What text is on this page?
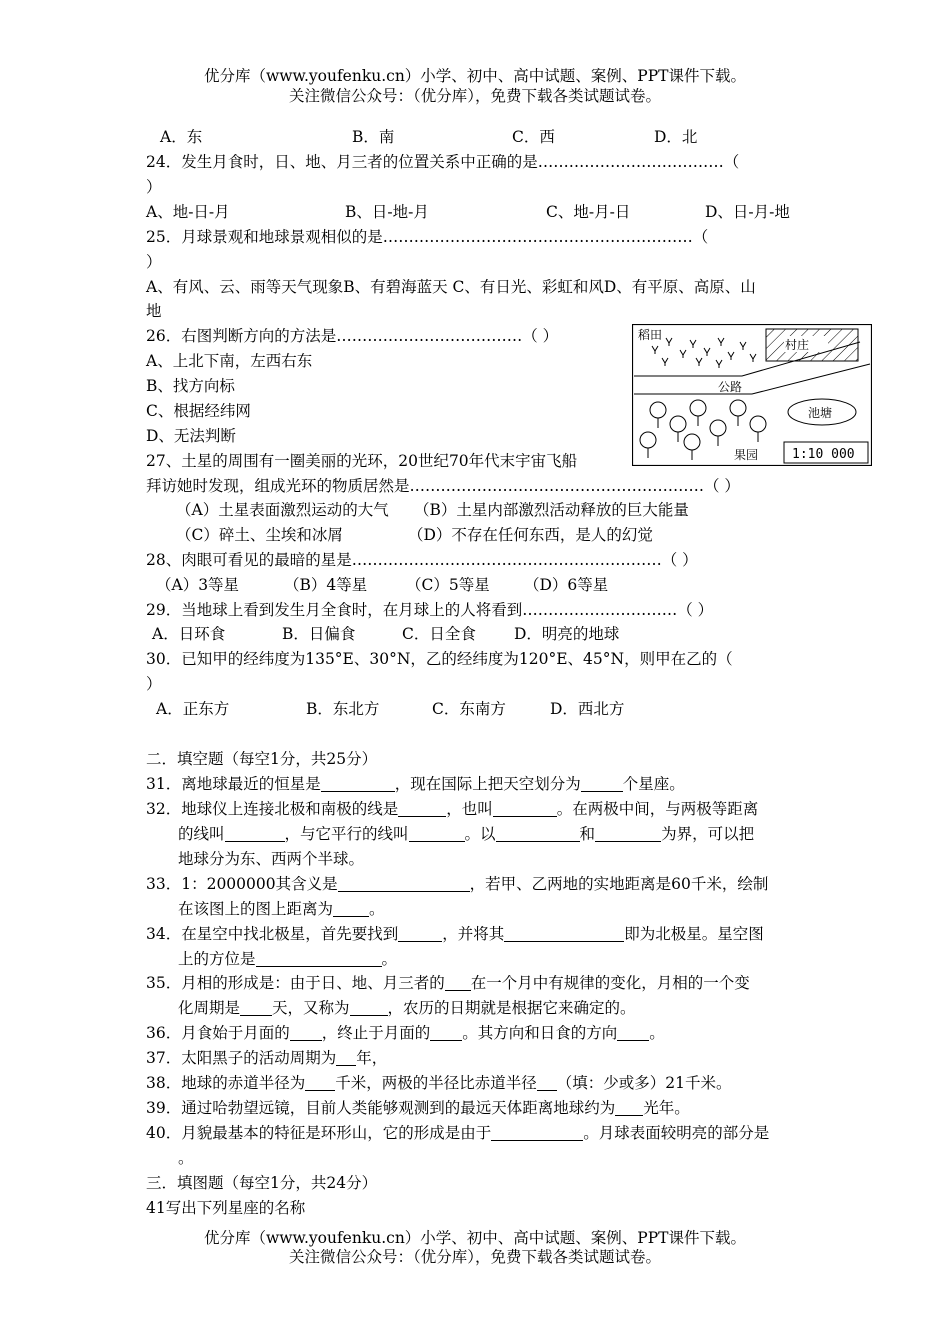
优分库（www.youfenku.cn）小学、初中、高中试题、案例、PPT课件下载。
关注微信公众号：（优分库），免费下载各类试题试卷。
A．东	B．南	C．西	D．北
24．发生月食时，日、地、月三者的位置关系中正确的是………………………………（
）
A、地-日-月	B、日-地-月	C、地-月-日	D、日-月-地
25．月球景观和地球景观相似的是……………………………………………………（
）
A、有风、云、雨等天气现象B、有碧海蓝天 C、有日光、彩虹和风D、有平原、高原、山
地
26．右图判断方向的方法是………………………………（ ）
A、上北下南，左西右东
B、找方向标
C、根据经纬网
D、无法判断
稻田
村庄
公路
池塘
果园	1:10 000
27、土星的周围有一圈美丽的光环，20世纪70年代末宇宙飞船
拜访她时发现，组成光环的物质居然是…………………………………………………（ ）
（A）土星表面激烈运动的大气 （B）土星内部激烈活动释放的巨大能量
（C）碎土、尘埃和冰屑	（D）不存在任何东西，是人的幻觉
28、肉眼可看见的最暗的星是……………………………………………………（ ）
（A）3等星	（B）4等星 （C）5等星 （D）6等星
29．当地球上看到发生月全食时，在月球上的人将看到…………………………（ ）
A．日环食	B．日偏食	C．日全食 D．明亮的地球
30．已知甲的经纬度为135°E、30°N，乙的经纬度为120°E、45°N，则甲在乙的（
）
A．正东方	B．东北方	C．东南方	D．西北方
二．填空题（每空1分，共25分）
31．离地球最近的恒星是	，现在国际上把天空划分为	个星座。
32．地球仪上连接北极和南极的线是	，也叫	。在两极中间，与两极等距离
的线叫	，与它平行的线叫	。以	和	为界，可以把
地球分为东、西两个半球。
33．1：2000000其含义是	，若甲、乙两地的实地距离是60千米，绘制
在该图上的图上距离为 。
34．在星空中找北极星，首先要找到	，并将其	即为北极星。星空图
上的方位是	。
35．月相的形成是：由于日、地、月三者的 在一个月中有规律的变化，月相的一个变
化周期是 天，又称为 ，农历的日期就是根据它来确定的。
36．月食始于月面的 ，终止于月面的 。其方向和日食的方向 。
37．太阳黑子的活动周期为 年，
38．地球的赤道半径为 千米，两极的半径比赤道半径 （填：少或多）21千米。
39．通过哈勃望远镜，目前人类能够观测到的最远天体距离地球约为 光年。
40．月貌最基本的特征是环形山，它的形成是由于	。月球表面较明亮的部分是
。
三．填图题（每空1分，共24分）
41写出下列星座的名称
优分库（www.youfenku.cn）小学、初中、高中试题、案例、PPT课件下载。
关注微信公众号：（优分库），免费下载各类试题试卷。
